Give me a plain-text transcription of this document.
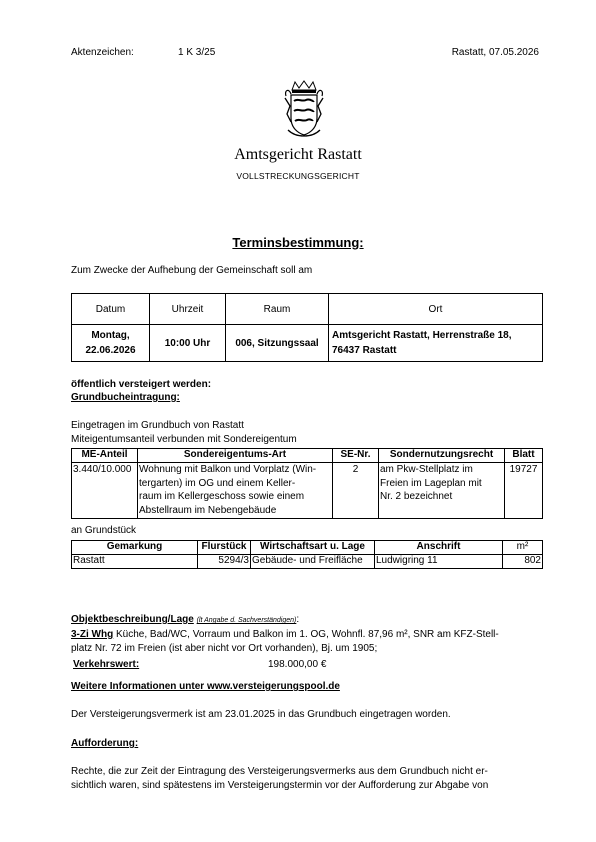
Aktenzeichen:	1 K 3/25	Rastatt, 07.05.2026
Amtsgericht Rastatt
VOLLSTRECKUNGSGERICHT
Terminsbestimmung:
Zum Zwecke der Aufhebung der Gemeinschaft soll am
Datum	Uhrzeit	Raum	Ort
Montag,
22.06.2026	10:00 Uhr	006, Sitzungssaal	Amtsgericht Rastatt, Herrenstraße 18,
76437 Rastatt
öffentlich versteigert werden:
Grundbucheintragung:
Eingetragen im Grundbuch von Rastatt
Miteigentumsanteil verbunden mit Sondereigentum
ME-Anteil	Sondereigentums-Art	SE-Nr.	Sondernutzungsrecht	Blatt
3.440/10.000	Wohnung mit Balkon und Vorplatz (Win-
tergarten) im OG und einem Keller-
raum im Kellergeschoss sowie einem
Abstellraum im Nebengebäude	2	am Pkw-Stellplatz im
Freien im Lageplan mit
Nr. 2 bezeichnet	19727
an Grundstück
Gemarkung	Flurstück	Wirtschaftsart u. Lage	Anschrift	m²
Rastatt	5294/3	Gebäude- und Freifläche	Ludwigring 11	802
Objektbeschreibung/Lage (lt Angabe d. Sachverständigen):
3-Zi Whg Küche, Bad/WC, Vorraum und Balkon im 1. OG, Wohnfl. 87,96 m², SNR am KFZ-Stell-
platz Nr. 72 im Freien (ist aber nicht vor Ort vorhanden), Bj. um 1905;
Verkehrswert:	198.000,00 €
Weitere Informationen unter www.versteigerungspool.de
Der Versteigerungsvermerk ist am 23.01.2025 in das Grundbuch eingetragen worden.
Aufforderung:
Rechte, die zur Zeit der Eintragung des Versteigerungsvermerks aus dem Grundbuch nicht er-
sichtlich waren, sind spätestens im Versteigerungstermin vor der Aufforderung zur Abgabe von
